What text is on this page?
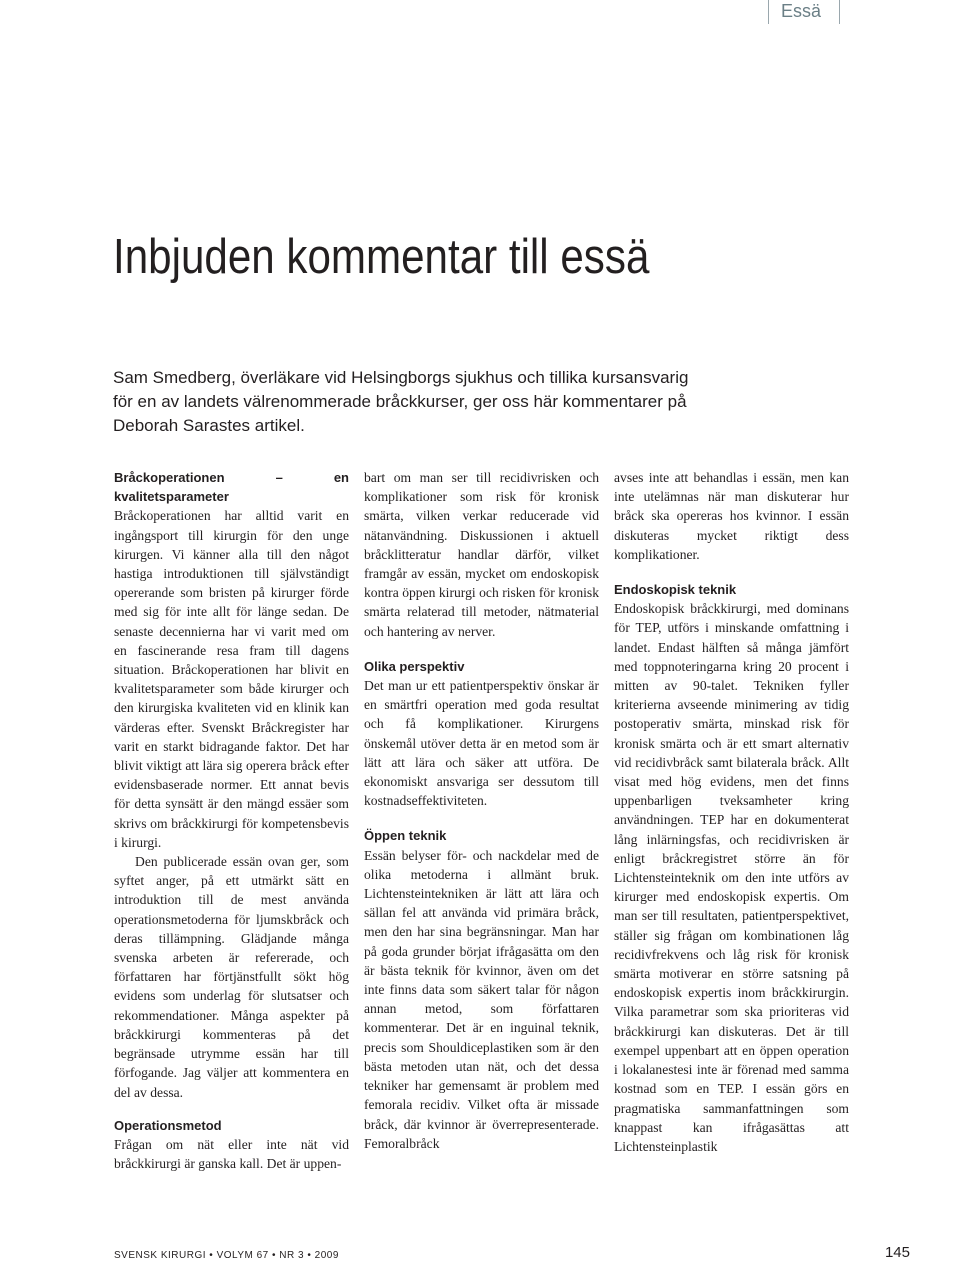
Essä
Inbjuden kommentar till essä

Sam Smedberg, överläkare vid Helsingborgs sjukhus och tillika kursansvarig för en av landets välrenommerade bråckkurser, ger oss här kommentarer på Deborah Sarastes artikel.

Bråckoperationen – en kvalitetsparameter

Bråckoperationen har alltid varit en ingångsport till kirurgin för den unge kirurgen. Vi känner alla till den något hastiga introduktionen till självständigt opererande som bristen på kirurger förde med sig för inte allt för länge sedan. De senaste decennierna har vi varit med om en fascinerande resa fram till dagens situation. Bråckoperationen har blivit en kvalitetsparameter som både kirurger och den kirurgiska kvaliteten vid en klinik kan värderas efter. Svenskt Bråckregister har varit en starkt bidragande faktor. Det har blivit viktigt att lära sig operera bråck efter evidensbaserade normer. Ett annat bevis för detta synsätt är den mängd essäer som skrivs om bråckkirurgi för kompetensbevis i kirurgi.

Den publicerade essän ovan ger, som syftet anger, på ett utmärkt sätt en introduktion till de mest använda operationsmetoderna för ljumskbråck och deras tillämpning. Glädjande många svenska arbeten är refererade, och författaren har förtjänstfullt sökt hög evidens som underlag för slutsatser och rekommendationer. Många aspekter på bråckkirurgi kommenteras på det begränsade utrymme essän har till förfogande. Jag väljer att kommentera en del av dessa.

Operationsmetod

Frågan om nät eller inte nät vid bråckkirurgi är ganska kall. Det är uppen-

bart om man ser till recidivrisken och komplikationer som risk för kronisk smärta, vilken verkar reducerade vid nätanvändning. Diskussionen i aktuell bråcklitteratur handlar därför, vilket framgår av essän, mycket om endoskopisk kontra öppen kirurgi och risken för kronisk smärta relaterad till metoder, nätmaterial och hantering av nerver.

Olika perspektiv

Det man ur ett patientperspektiv önskar är en smärtfri operation med goda resultat och få komplikationer. Kirurgens önskemål utöver detta är en metod som är lätt att lära och säker att utföra. De ekonomiskt ansvariga ser dessutom till kostnadseffektiviteten.

Öppen teknik

Essän belyser för- och nackdelar med de olika metoderna i allmänt bruk. Lichtensteintekniken är lätt att lära och sällan fel att använda vid primära bråck, men den har sina begränsningar. Man har på goda grunder börjat ifrågasätta om den är bästa teknik för kvinnor, även om det inte finns data som säkert talar för någon annan metod, som författaren kommenterar. Det är en inguinal teknik, precis som Shouldiceplastiken som är den bästa metoden utan nät, och det dessa tekniker har gemensamt är problem med femorala recidiv. Vilket ofta är missade bråck, där kvinnor är överrepresenterade. Femoralbråck

avses inte att behandlas i essän, men kan inte utelämnas när man diskuterar hur bråck ska opereras hos kvinnor. I essän diskuteras mycket riktigt dess komplikationer.

Endoskopisk teknik

Endoskopisk bråckkirurgi, med dominans för TEP, utförs i minskande omfattning i landet. Endast hälften så många jämfört med toppnoteringarna kring 20 procent i mitten av 90-talet. Tekniken fyller kriterierna avseende minimering av tidig postoperativ smärta, minskad risk för kronisk smärta och är ett smart alternativ vid recidivbråck samt bilaterala bråck. Allt visat med hög evidens, men det finns uppenbarligen tveksamheter kring användningen. TEP har en dokumenterat lång inlärningsfas, och recidivrisken är enligt bråckregistret större än för Lichtensteinteknik om den inte utförs av kirurger med endoskopisk expertis. Om man ser till resultaten, patientperspektivet, ställer sig frågan om kombinationen låg recidivfrekvens och låg risk för kronisk smärta motiverar en större satsning på endoskopisk expertis inom bråckkirurgin. Vilka parametrar som ska prioriteras vid bråckkirurgi kan diskuteras. Det är till exempel uppenbart att en öppen operation i lokalanestesi inte är förenad med samma kostnad som en TEP. I essän görs en pragmatiska sammanfattningen som knappast kan ifrågasättas att Lichtensteinplastik

SVENSK KIRURGI • VOLYM 67 • NR 3 • 2009	145
